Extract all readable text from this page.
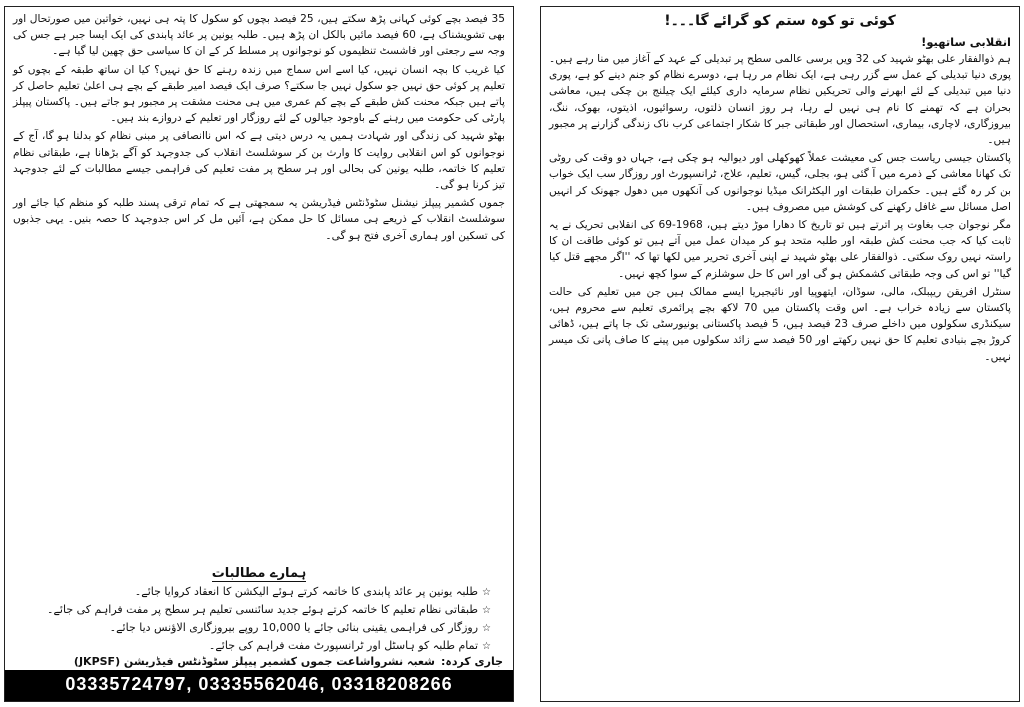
کوئی تو کوہ ستم کو گرائے گا۔۔۔!
انقلابی ساتھیو!

ہم ذوالفقار علی بھٹو شہید کی 32 ویں برسی عالمی سطح پر تبدیلی کے عہد کے آغاز میں منا رہے ہیں۔ پوری دنیا تبدیلی کے عمل سے گزر رہی ہے، ایک نظام مر رہا ہے، دوسرے نظام کو جنم دینے کو ہے، پوری دنیا میں تبدیلی کے لئے ابھرنے والی تحریکیں نظام سرمایہ داری کیلئے ایک چیلنج بن چکی ہیں، معاشی بحران ہے کہ تھمنے کا نام ہی نہیں لے رہا، ہر روز انسان ذلتوں، رسوائیوں، اذیتوں، بھوک، ننگ، بیروزگاری، لاچاری، بیماری، استحصال اور طبقاتی جبر کا شکار اجتماعی کرب ناک زندگی گزارنے پر مجبور ہیں۔

پاکستان جیسی ریاست جس کی معیشت عملاً کھوکھلی اور دیوالیہ ہو چکی ہے، جہاں دو وقت کی روٹی تک کھانا معاشی کے ذمرے میں آ گئی ہو، بجلی، گیس، تعلیم، علاج، ٹرانسپورٹ اور روزگار سب ایک خواب بن کر رہ گئے ہیں۔ حکمران طبقات اور الیکٹرانک میڈیا نوجوانوں کی آنکھوں میں دھول جھونک کر انہیں اصل مسائل سے غافل رکھنے کی کوشش میں مصروف ہیں۔

مگر نوجوان جب بغاوت پر اترتے ہیں تو تاریخ کا دھارا موڑ دیتے ہیں، 1968-69 کی انقلابی تحریک نے یہ ثابت کیا کہ جب محنت کش طبقہ اور طلبہ متحد ہو کر میدان عمل میں آتے ہیں تو کوئی طاقت ان کا راستہ نہیں روک سکتی۔ ذوالفقار علی بھٹو شہید نے اپنی آخری تحریر میں لکھا تھا کہ ''اگر مجھے قتل کیا گیا'' تو اس کی وجہ طبقاتی کشمکش ہو گی اور اس کا حل سوشلزم کے سوا کچھ نہیں۔

سنٹرل افریقن ریپبلک، مالی، سوڈان، ایتھوپیا اور نائیجیریا ایسے ممالک ہیں جن میں تعلیم کی حالت پاکستان سے زیادہ خراب ہے۔ اس وقت پاکستان میں 70 لاکھ بچے پرائمری تعلیم سے محروم ہیں، سیکنڈری سکولوں میں داخلے صرف 23 فیصد ہیں، 5 فیصد پاکستانی یونیورسٹی تک جا پاتے ہیں، ڈھائی کروڑ بچے بنیادی تعلیم کا حق نہیں رکھتے اور 50 فیصد سے زائد سکولوں میں پینے کا صاف پانی تک میسر نہیں۔

35 فیصد بچے کوئی کہانی پڑھ سکتے ہیں، 25 فیصد بچوں کو سکول کا پتہ ہی نہیں، خواتین میں صورتحال اور بھی تشویشناک ہے، 60 فیصد مائیں بالکل ان پڑھ ہیں۔ طلبہ یونین پر عائد پابندی کی ایک ایسا جبر ہے جس کی وجہ سے رجعتی اور فاشسٹ تنظیموں کو نوجوانوں پر مسلط کر کے ان کا سیاسی حق چھین لیا گیا ہے۔

کیا غریب کا بچہ انسان نہیں، کیا اسے اس سماج میں زندہ رہنے کا حق نہیں؟ کیا ان ساتھ طبقہ کے بچوں کو تعلیم پر کوئی حق نہیں جو سکول نہیں جا سکتے؟ صرف ایک فیصد امیر طبقے کے بچے ہی اعلیٰ تعلیم حاصل کر پاتے ہیں جبکہ محنت کش طبقے کے بچے کم عمری میں ہی محنت مشقت پر مجبور ہو جاتے ہیں۔ پاکستان پیپلز پارٹی کی حکومت میں رہنے کے باوجود جیالوں کے لئے روزگار اور تعلیم کے دروازے بند ہیں۔

بھٹو شہید کی زندگی اور شہادت ہمیں یہ درس دیتی ہے کہ اس ناانصافی پر مبنی نظام کو بدلنا ہو گا، آج کے نوجوانوں کو اس انقلابی روایت کا وارث بن کر سوشلسٹ انقلاب کی جدوجہد کو آگے بڑھانا ہے، طبقاتی نظام تعلیم کا خاتمہ، طلبہ یونین کی بحالی اور ہر سطح پر مفت تعلیم کی فراہمی جیسے مطالبات کے لئے جدوجہد تیز کرنا ہو گی۔

جموں کشمیر پیپلز نیشنل سٹوڈنٹس فیڈریشن یہ سمجھتی ہے کہ تمام ترقی پسند طلبہ کو منظم کیا جائے اور سوشلسٹ انقلاب کے ذریعے ہی مسائل کا حل ممکن ہے، آئیں مل کر اس جدوجہد کا حصہ بنیں۔ یہی جذبوں کی تسکین اور ہماری آخری فتح ہو گی۔

ہمارے مطالبات
☆طلبہ یونین پر عائد پابندی کا خاتمہ کرتے ہوئے الیکشن کا انعقاد کروایا جائے۔
☆طبقاتی نظام تعلیم کا خاتمہ کرتے ہوئے جدید سائنسی تعلیم ہر سطح پر مفت فراہم کی جائے۔
☆روزگار کی فراہمی یقینی بنائی جائے یا 10,000 روپے بیروزگاری الاؤنس دیا جائے۔
☆تمام طلبہ کو ہاسٹل اور ٹرانسپورٹ مفت فراہم کی جائے۔
جاری کردہ:
شعبہ نشرواشاعت جموں کشمیر پیپلز سٹوڈنٹس فیڈریشن (JKPSF)
03335724797, 03335562046, 03318208266
